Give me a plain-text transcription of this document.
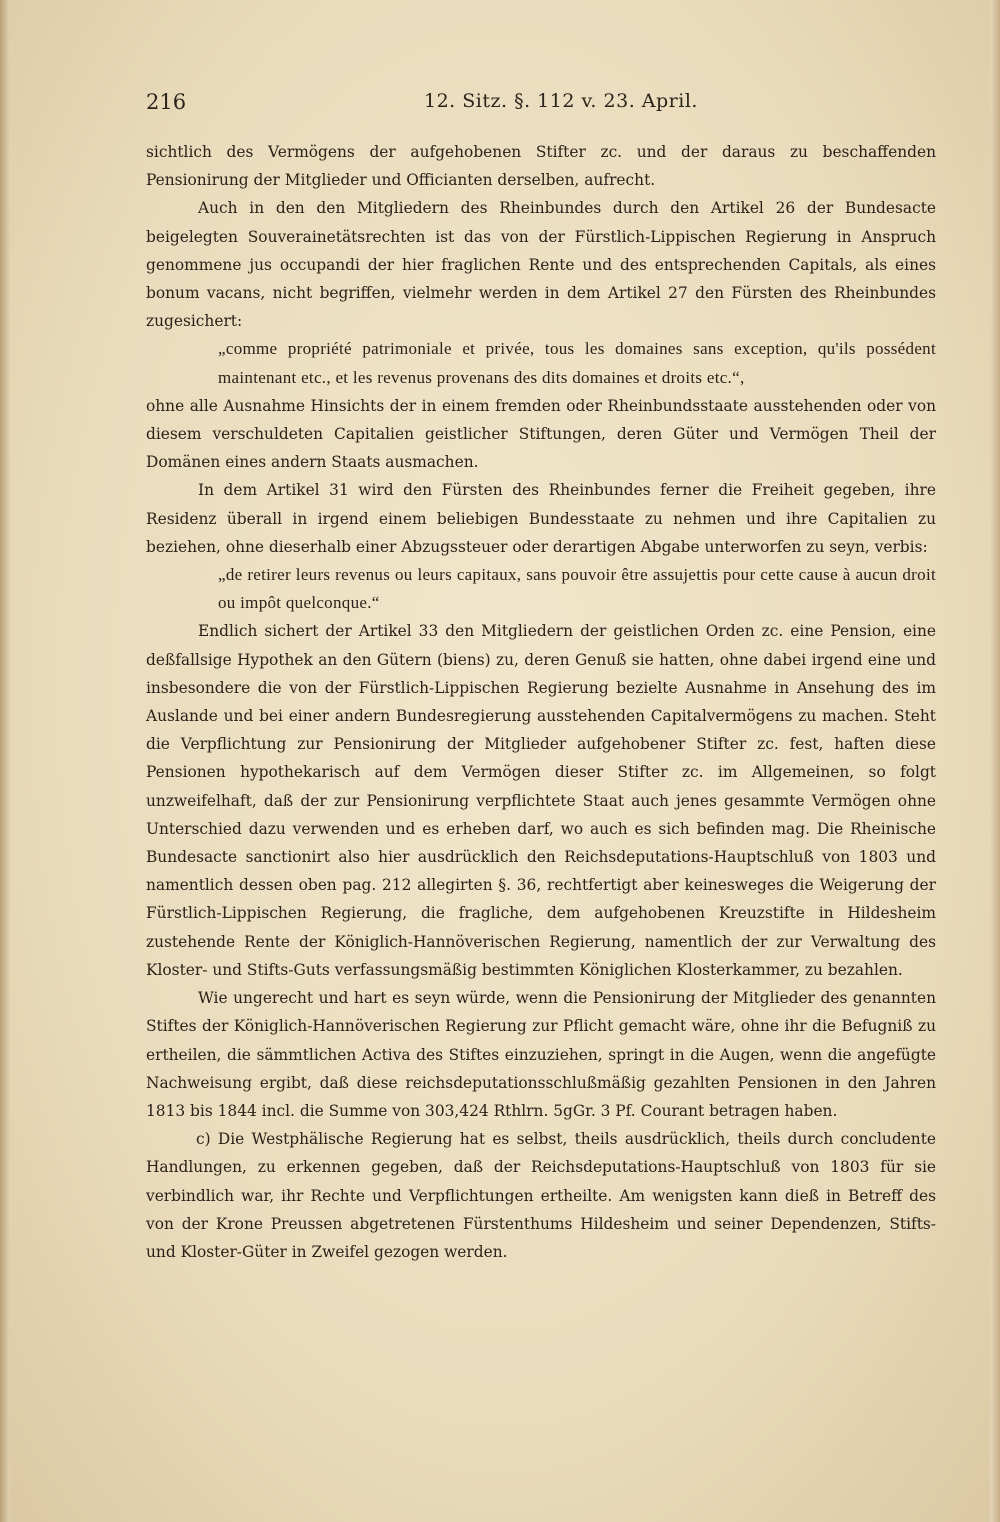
216	12. Sitz. §. 112 v. 23. April.

sichtlich des Vermögens der aufgehobenen Stifter zc. und der daraus zu beschaffenden Pensionirung der Mitglieder und Officianten derselben, aufrecht.

Auch in den den Mitgliedern des Rheinbundes durch den Artikel 26 der Bundesacte beigelegten Souverainetätsrechten ist das von der Fürstlich-Lippischen Regierung in Anspruch genommene jus occupandi der hier fraglichen Rente und des entsprechenden Capitals, als eines bonum vacans, nicht begriffen, vielmehr werden in dem Artikel 27 den Fürsten des Rheinbundes zugesichert:

„comme propriété patrimoniale et privée, tous les domaines sans exception, qu'ils possédent maintenant etc., et les revenus provenans des dits domaines et droits etc.“,

ohne alle Ausnahme Hinsichts der in einem fremden oder Rheinbundsstaate ausstehenden oder von diesem verschuldeten Capitalien geistlicher Stiftungen, deren Güter und Vermögen Theil der Domänen eines andern Staats ausmachen.

In dem Artikel 31 wird den Fürsten des Rheinbundes ferner die Freiheit gegeben, ihre Residenz überall in irgend einem beliebigen Bundesstaate zu nehmen und ihre Capitalien zu beziehen, ohne dieserhalb einer Abzugssteuer oder derartigen Abgabe unterworfen zu seyn, verbis:

„de retirer leurs revenus ou leurs capitaux, sans pouvoir être assujettis pour cette cause à aucun droit ou impôt quelconque.“

Endlich sichert der Artikel 33 den Mitgliedern der geistlichen Orden zc. eine Pension, eine deßfallsige Hypothek an den Gütern (biens) zu, deren Genuß sie hatten, ohne dabei irgend eine und insbesondere die von der Fürstlich-Lippischen Regierung bezielte Ausnahme in Ansehung des im Auslande und bei einer andern Bundesregierung ausstehenden Capitalvermögens zu machen. Steht die Verpflichtung zur Pensionirung der Mitglieder aufgehobener Stifter zc. fest, haften diese Pensionen hypothekarisch auf dem Vermögen dieser Stifter zc. im Allgemeinen, so folgt unzweifelhaft, daß der zur Pensionirung verpflichtete Staat auch jenes gesammte Vermögen ohne Unterschied dazu verwenden und es erheben darf, wo auch es sich befinden mag. Die Rheinische Bundesacte sanctionirt also hier ausdrücklich den Reichsdeputations-Hauptschluß von 1803 und namentlich dessen oben pag. 212 allegirten §. 36, rechtfertigt aber keinesweges die Weigerung der Fürstlich-Lippischen Regierung, die fragliche, dem aufgehobenen Kreuzstifte in Hildesheim zustehende Rente der Königlich-Hannöverischen Regierung, namentlich der zur Verwaltung des Kloster- und Stifts-Guts verfassungsmäßig bestimmten Königlichen Klosterkammer, zu bezahlen.

Wie ungerecht und hart es seyn würde, wenn die Pensionirung der Mitglieder des genannten Stiftes der Königlich-Hannöverischen Regierung zur Pflicht gemacht wäre, ohne ihr die Befugniß zu ertheilen, die sämmtlichen Activa des Stiftes einzuziehen, springt in die Augen, wenn die angefügte Nachweisung ergibt, daß diese reichsdeputationsschlußmäßig gezahlten Pensionen in den Jahren 1813 bis 1844 incl. die Summe von 303,424 Rthlrn. 5gGr. 3 Pf. Courant betragen haben.

c) Die Westphälische Regierung hat es selbst, theils ausdrücklich, theils durch concludente Handlungen, zu erkennen gegeben, daß der Reichsdeputations-Hauptschluß von 1803 für sie verbindlich war, ihr Rechte und Verpflichtungen ertheilte. Am wenigsten kann dieß in Betreff des von der Krone Preussen abgetretenen Fürstenthums Hildesheim und seiner Dependenzen, Stifts- und Kloster-Güter in Zweifel gezogen werden.
